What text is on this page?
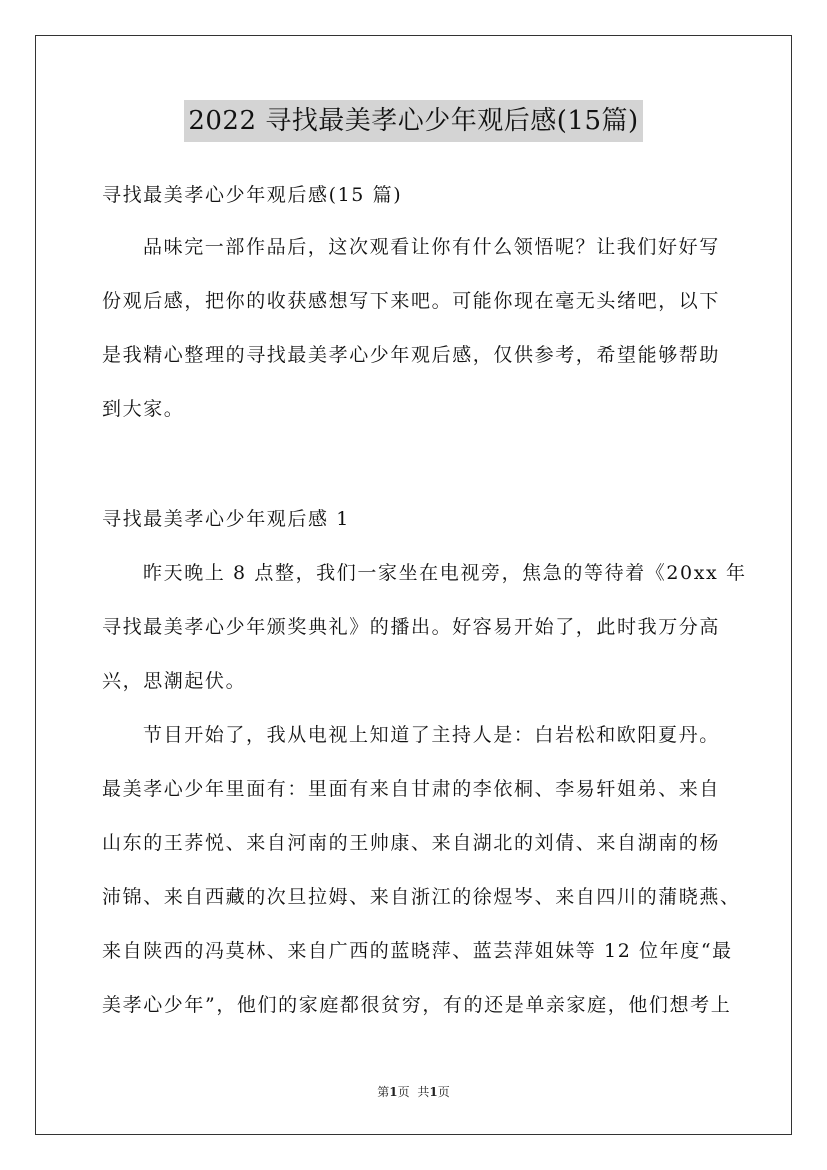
2022 寻找最美孝心少年观后感(15篇)
寻找最美孝心少年观后感(15 篇)
品味完一部作品后，这次观看让你有什么领悟呢？让我们好好写
份观后感，把你的收获感想写下来吧。可能你现在毫无头绪吧，以下
是我精心整理的寻找最美孝心少年观后感，仅供参考，希望能够帮助
到大家。
寻找最美孝心少年观后感 1
昨天晚上 8 点整，我们一家坐在电视旁，焦急的等待着《20xx 年
寻找最美孝心少年颁奖典礼》的播出。好容易开始了，此时我万分高
兴，思潮起伏。
节目开始了，我从电视上知道了主持人是：白岩松和欧阳夏丹。
最美孝心少年里面有：里面有来自甘肃的李依桐、李易轩姐弟、来自
山东的王荞悦、来自河南的王帅康、来自湖北的刘倩、来自湖南的杨
沛锦、来自西藏的次旦拉姆、来自浙江的徐煜岑、来自四川的蒲晓燕、
来自陕西的冯莫林、来自广西的蓝晓萍、蓝芸萍姐妹等 12 位年度“最
美孝心少年”，他们的家庭都很贫穷，有的还是单亲家庭，他们想考上
第1页 共1页
